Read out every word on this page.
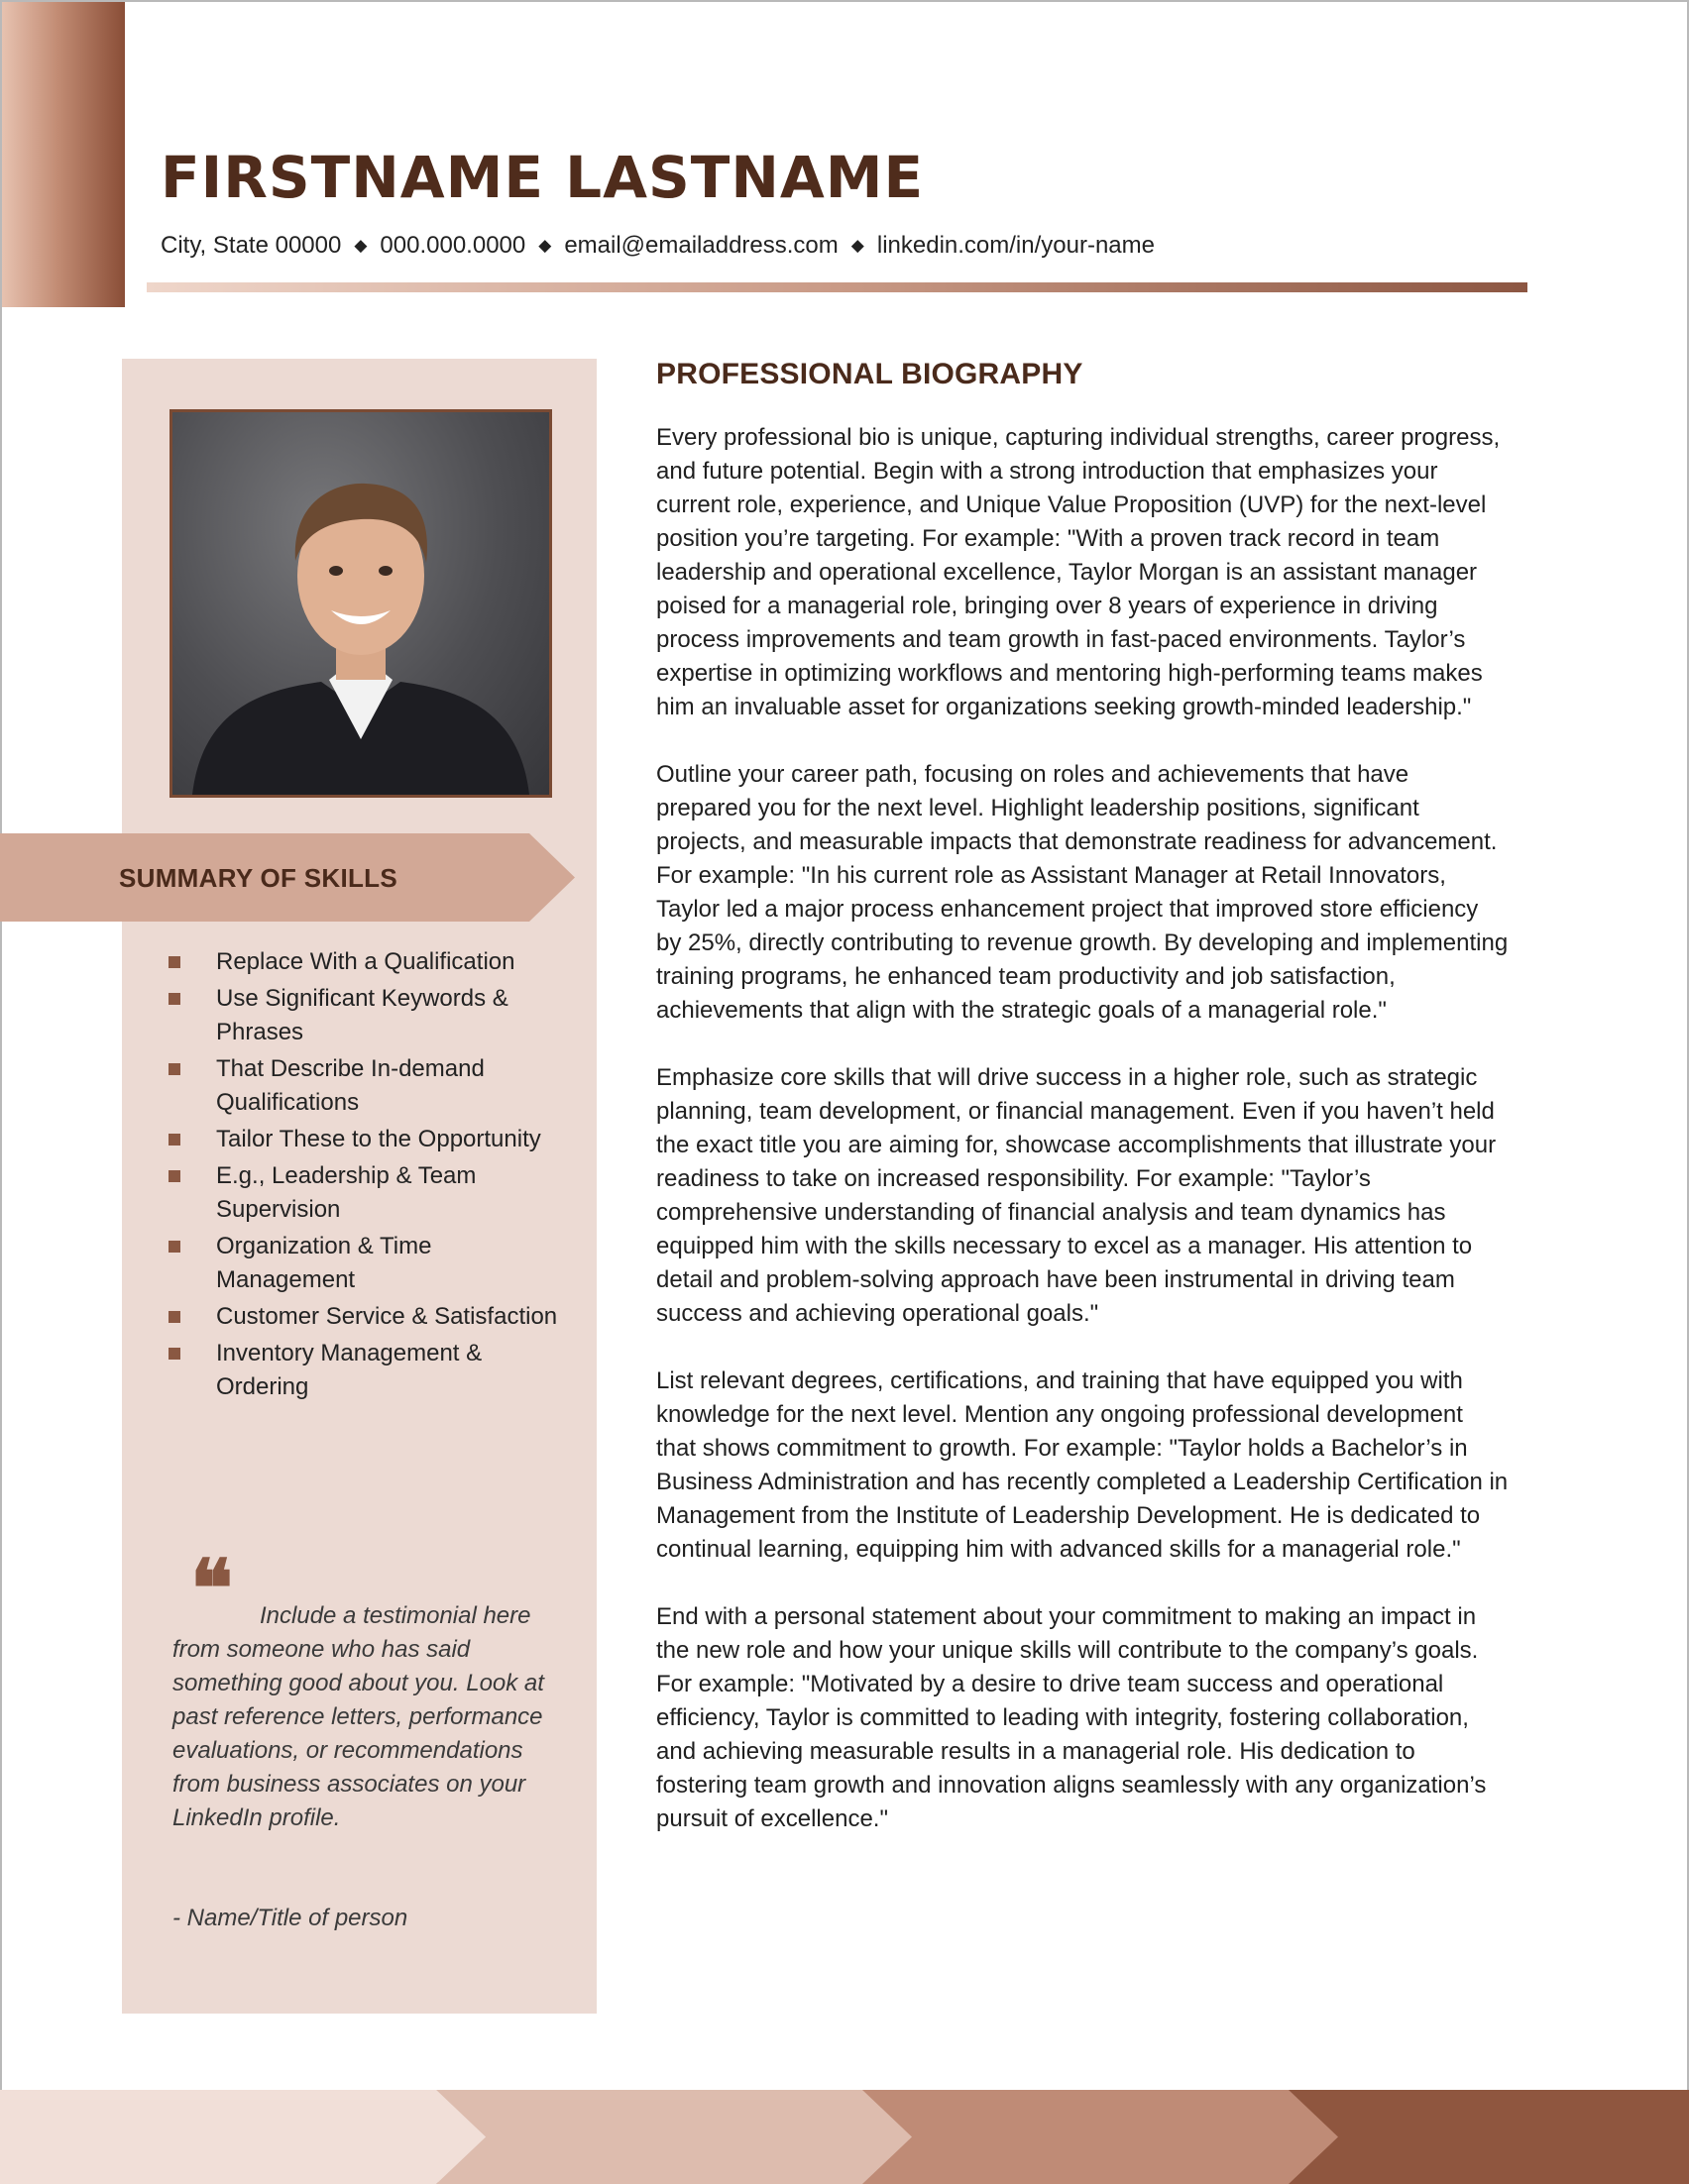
FIRSTNAME LASTNAME
City, State 00000 ◆ 000.000.0000 ◆ email@emailaddress.com ◆ linkedin.com/in/your-name
SUMMARY OF SKILLS
Replace With a Qualification
Use Significant Keywords & Phrases
That Describe In-demand Qualifications
Tailor These to the Opportunity
E.g., Leadership & Team Supervision
Organization & Time Management
Customer Service & Satisfaction
Inventory Management & Ordering
❝	Include a testimonial here from someone who has said something good about you. Look at past reference letters, performance evaluations, or recommendations from business associates on your LinkedIn profile.

- Name/Title of person
PROFESSIONAL BIOGRAPHY

Every professional bio is unique, capturing individual strengths, career progress, and future potential. Begin with a strong introduction that emphasizes your current role, experience, and Unique Value Proposition (UVP) for the next-level position you’re targeting. For example: "With a proven track record in team leadership and operational excellence, Taylor Morgan is an assistant manager poised for a managerial role, bringing over 8 years of experience in driving process improvements and team growth in fast-paced environments. Taylor’s expertise in optimizing workflows and mentoring high-performing teams makes him an invaluable asset for organizations seeking growth-minded leadership."

Outline your career path, focusing on roles and achievements that have prepared you for the next level. Highlight leadership positions, significant projects, and measurable impacts that demonstrate readiness for advancement. For example: "In his current role as Assistant Manager at Retail Innovators, Taylor led a major process enhancement project that improved store efficiency by 25%, directly contributing to revenue growth. By developing and implementing training programs, he enhanced team productivity and job satisfaction, achievements that align with the strategic goals of a managerial role."

Emphasize core skills that will drive success in a higher role, such as strategic planning, team development, or financial management. Even if you haven’t held the exact title you are aiming for, showcase accomplishments that illustrate your readiness to take on increased responsibility. For example: "Taylor’s comprehensive understanding of financial analysis and team dynamics has equipped him with the skills necessary to excel as a manager. His attention to detail and problem-solving approach have been instrumental in driving team success and achieving operational goals."

List relevant degrees, certifications, and training that have equipped you with knowledge for the next level. Mention any ongoing professional development that shows commitment to growth. For example: "Taylor holds a Bachelor’s in Business Administration and has recently completed a Leadership Certification in Management from the Institute of Leadership Development. He is dedicated to continual learning, equipping him with advanced skills for a managerial role."

End with a personal statement about your commitment to making an impact in the new role and how your unique skills will contribute to the company’s goals. For example: "Motivated by a desire to drive team success and operational efficiency, Taylor is committed to leading with integrity, fostering collaboration, and achieving measurable results in a managerial role. His dedication to fostering team growth and innovation aligns seamlessly with any organization’s pursuit of excellence."
